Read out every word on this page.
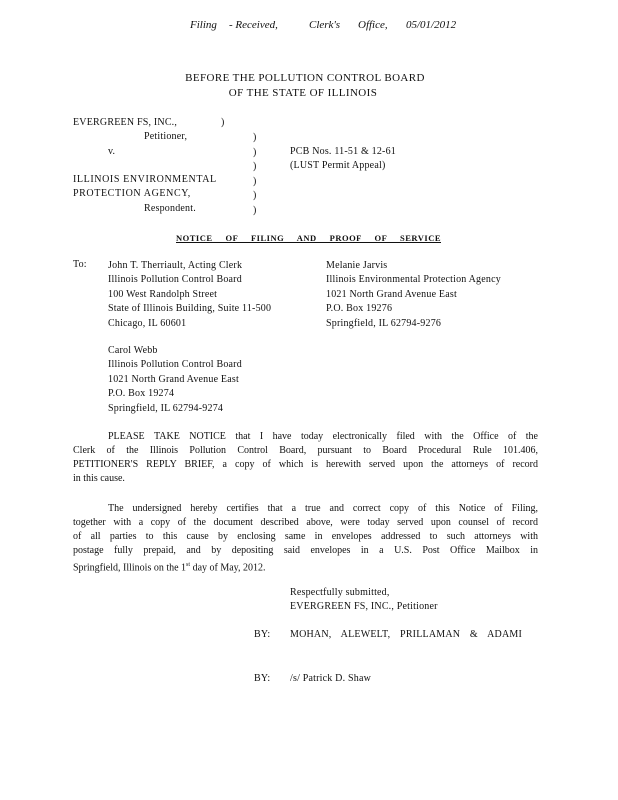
Filing - Received,	Clerk's Office, 05/01/2012
BEFORE THE POLLUTION CONTROL BOARD
OF THE STATE OF ILLINOIS
EVERGREEN FS, INC.,	)
Petitioner,
v.
ILLINOIS ENVIRONMENTAL
PROTECTION AGENCY,
Respondent.
)
)
)
)
)
)
PCB Nos. 11-51 & 12-61
(LUST Permit Appeal)
NOTICE OF FILING AND PROOF OF SERVICE
To: John T. Therriault, Acting Clerk
Illinois Pollution Control Board
100 West Randolph Street
State of Illinois Building, Suite 11-500
Chicago, IL 60601
Melanie Jarvis
Illinois Environmental Protection Agency
1021 North Grand Avenue East
P.O. Box 19276
Springfield, IL 62794-9276
Carol Webb
Illinois Pollution Control Board
1021 North Grand Avenue East
P.O. Box 19274
Springfield, IL 62794-9274
PLEASE TAKE NOTICE that I have today electronically filed with the Office of the
Clerk of the Illinois Pollution Control Board, pursuant to Board Procedural Rule 101.406,
PETITIONER'S REPLY BRIEF, a copy of which is herewith served upon the attorneys of record
in this cause.
The undersigned hereby certifies that a true and correct copy of this Notice of Filing,
together with a copy of the document described above, were today served upon counsel of record
of all parties to this cause by enclosing same in envelopes addressed to such attorneys with
postage fully prepaid, and by depositing said envelopes in a U.S. Post Office Mailbox in
Springfield, Illinois on the 1st day of May, 2012.
Respectfully submitted,
EVERGREEN FS, INC., Petitioner
BY: MOHAN, ALEWELT, PRILLAMAN & ADAMI
BY: /s/ Patrick D. Shaw
